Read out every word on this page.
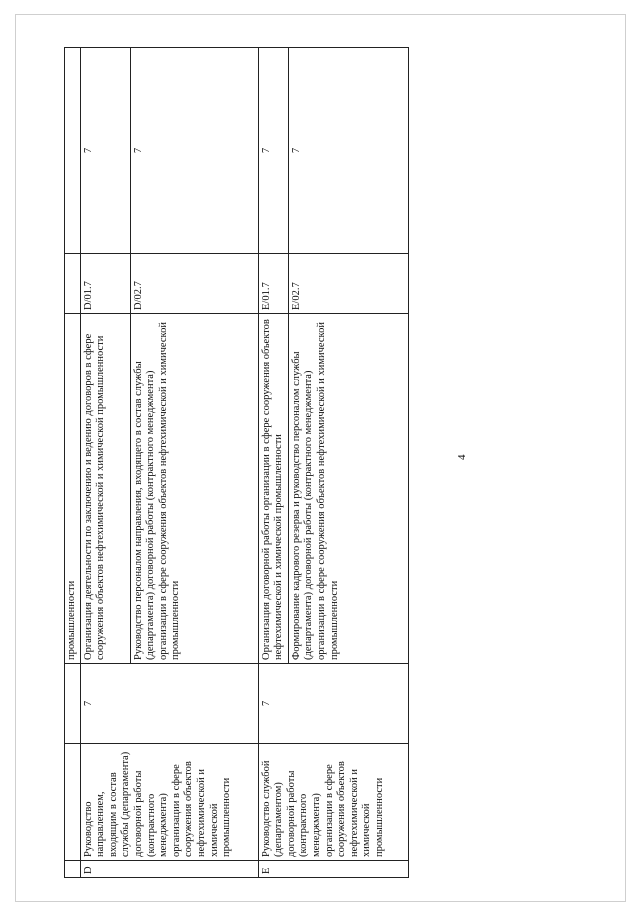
4
			промышленности		
D	Руководство направлением, входящим в состав службы (департамента) договорной работы (контрактного менеджмента) организации в сфере сооружения объектов нефтехимической и химической промышленности	7	Организация деятельности по заключению и ведению договоров в сфере сооружения объектов нефтехимической и химической промышленности	D/01.7	7
			Руководство персоналом направления, входящего в состав службы (департамента) договорной работы (контрактного менеджмента) организации в сфере сооружения объектов нефтехимической и химической промышленности	D/02.7	7
E	Руководство службой (департаментом) договорной работы (контрактного менеджмента) организации в сфере сооружения объектов нефтехимической и химической промышленности	7	Организация договорной работы организации в сфере сооружения объектов нефтехимической и химической промышленности	E/01.7	7
			Формирование кадрового резерва и руководство персоналом службы (департамента) договорной работы (контрактного менеджмента) организации в сфере сооружения объектов нефтехимической и химической промышленности	E/02.7	7
